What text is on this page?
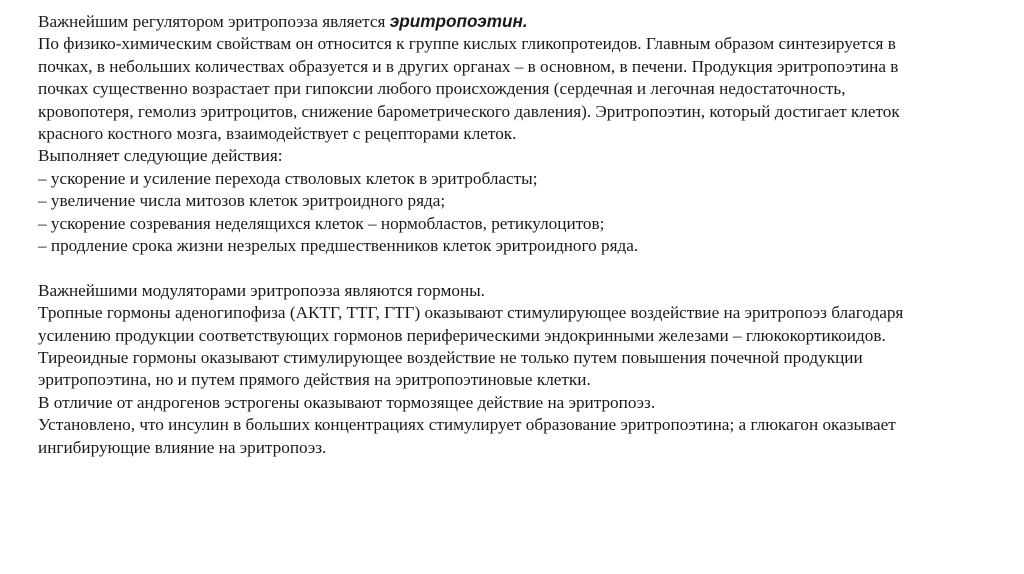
Важнейшим регулятором эритропоэза является эритропоэтин.
По физико-химическим свойствам он относится к группе кислых гликопротеидов. Главным образом синтезируется в
почках, в небольших количествах образуется и в других органах – в основном, в печени. Продукция эритропоэтина в
почках существенно возрастает при гипоксии любого происхождения (сердечная и легочная недостаточность,
кровопотеря, гемолиз эритроцитов, снижение барометрического давления). Эритропоэтин, который достигает клеток
красного костного мозга, взаимодействует с рецепторами клеток.
Выполняет следующие действия:
– ускорение и усиление перехода стволовых клеток в эритробласты;
– увеличение числа митозов клеток эритроидного ряда;
– ускорение созревания неделящихся клеток – нормобластов, ретикулоцитов;
– продление срока жизни незрелых предшественников клеток эритроидного ряда.
Важнейшими модуляторами эритропоэза являются гормоны.
Тропные гормоны аденогипофиза (АКТГ, ТТГ, ГТГ) оказывают стимулирующее воздействие на эритропоэз благодаря
усилению продукции соответствующих гормонов периферическими эндокринными железами – глюкокортикоидов.
Тиреоидные гормоны оказывают стимулирующее воздействие не только путем повышения почечной продукции
эритропоэтина, но и путем прямого действия на эритропоэтиновые клетки.
В отличие от андрогенов эстрогены оказывают тормозящее действие на эритропоэз.
Установлено, что инсулин в больших концентрациях стимулирует образование эритропоэтина; а глюкагон оказывает
ингибирующие влияние на эритропоэз.
